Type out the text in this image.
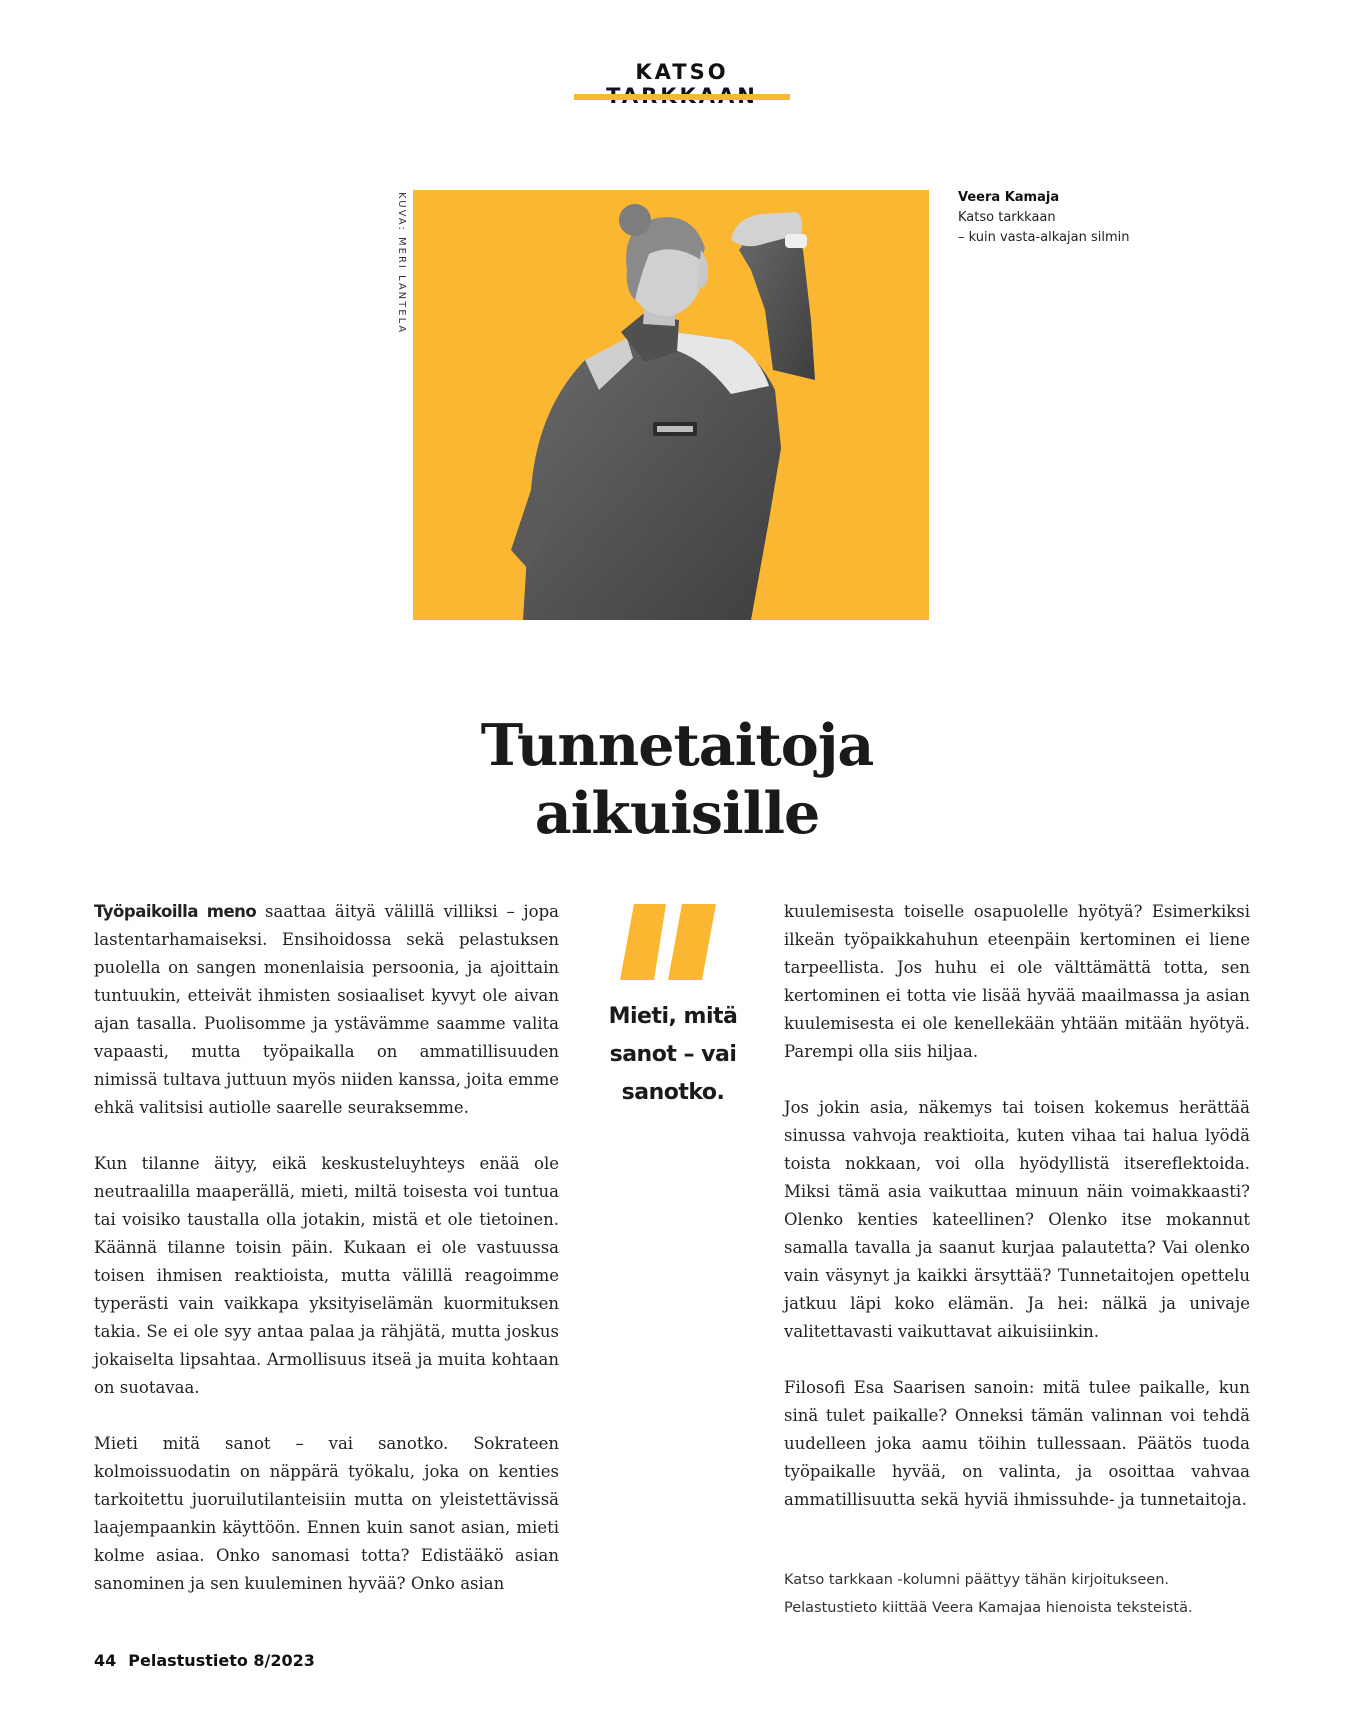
KATSO
KUVA: MERI LANTELA	Veera Kamaja
Katso tarkkaan
– kuin vasta-alkajan silmin
Tunnetaitoja
aikuisille

Työpaikoilla meno saattaa äityä välillä villiksi – jopa lastentarhamaiseksi. Ensihoidossa sekä pelastuksen puolella on sangen monenlaisia persoonia, ja ajoittain tuntuukin, etteivät ihmisten sosiaaliset kyvyt ole aivan ajan tasalla. Puolisomme ja ystävämme saamme valita vapaasti, mutta työpaikalla on ammatillisuuden nimissä tultava juttuun myös niiden kanssa, joita emme ehkä valitsisi autiolle saarelle seuraksemme.

Kun tilanne äityy, eikä keskusteluyhteys enää ole neutraalilla maaperällä, mieti, miltä toisesta voi tuntua tai voisiko taustalla olla jotakin, mistä et ole tietoinen. Käännä tilanne toisin päin. Kukaan ei ole vastuussa toisen ihmisen reaktioista, mutta välillä reagoimme typerästi vain vaikkapa yksityiselämän kuormituksen takia. Se ei ole syy antaa palaa ja rähjätä, mutta joskus jokaiselta lipsahtaa. Armollisuus itseä ja muita kohtaan on suotavaa.

Mieti mitä sanot – vai sanotko. Sokrateen kolmoissuodatin on näppärä työkalu, joka on kenties tarkoitettu juoruilutilanteisiin mutta on yleistettävissä laajempaankin käyttöön. Ennen kuin sanot asian, mieti kolme asiaa. Onko sanomasi totta? Edistääkö asian sanominen ja sen kuuleminen hyvää? Onko asian

Mieti, mitä sanot – vai sanotko.

kuulemisesta toiselle osapuolelle hyötyä? Esimerkiksi ilkeän työpaikkahuhun eteenpäin kertominen ei liene tarpeellista. Jos huhu ei ole välttämättä totta, sen kertominen ei totta vie lisää hyvää maailmassa ja asian kuulemisesta ei ole kenellekään yhtään mitään hyötyä. Parempi olla siis hiljaa.

Jos jokin asia, näkemys tai toisen kokemus herättää sinussa vahvoja reaktioita, kuten vihaa tai halua lyödä toista nokkaan, voi olla hyödyllistä itsereflektoida. Miksi tämä asia vaikuttaa minuun näin voimakkaasti? Olenko kenties kateellinen? Olenko itse mokannut samalla tavalla ja saanut kurjaa palautetta? Vai olenko vain väsynyt ja kaikki ärsyttää? Tunnetaitojen opettelu jatkuu läpi koko elämän. Ja hei: nälkä ja univaje valitettavasti vaikuttavat aikuisiinkin.

Filosofi Esa Saarisen sanoin: mitä tulee paikalle, kun sinä tulet paikalle? Onneksi tämän valinnan voi tehdä uudelleen joka aamu töihin tullessaan. Päätös tuoda työpaikalle hyvää, on valinta, ja osoittaa vahvaa ammatillisuutta sekä hyviä ihmissuhde- ja tunnetaitoja.

Katso tarkkaan -kolumni päättyy tähän kirjoitukseen.
Pelastustieto kiittää Veera Kamajaa hienoista teksteistä.
44 Pelastustieto 8/2023
